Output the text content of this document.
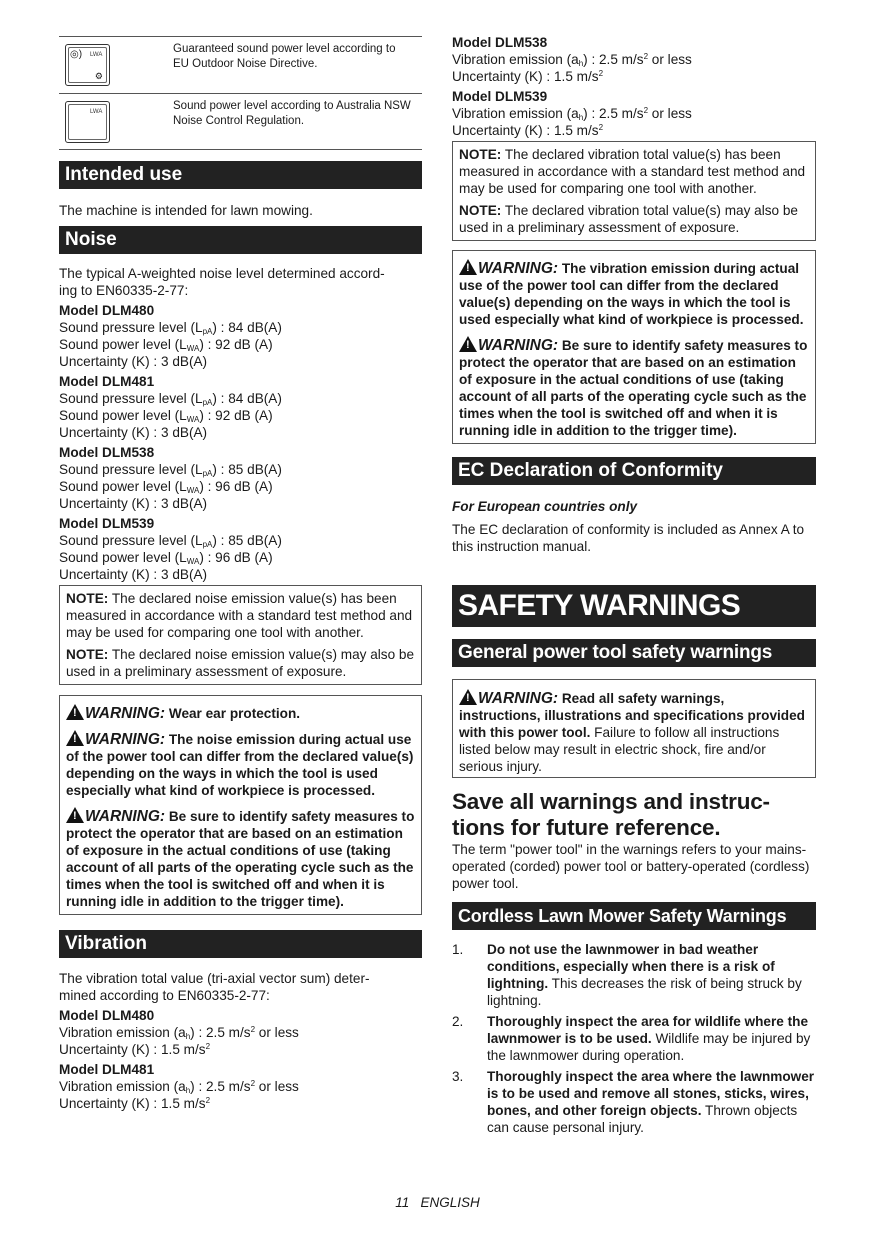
◎) LWA
⚙
Guaranteed sound power level according to EU Outdoor Noise Directive.
LWA	Sound power level according to Australia NSW Noise Control Regulation.
Intended use
The machine is intended for lawn mowing.
Noise
The typical A-weighted noise level determined accord-
ing to EN60335-2-77:
Model DLM480
Sound pressure level $(L_{pA})$ : 84 dB(A)
Sound power level $(L_{WA})$ : 92 dB (A)
Uncertainty (K) : 3 dB(A)
Model DLM481
Sound pressure level $(L_{pA})$ : 84 dB(A)
Sound power level $(L_{WA})$ : 92 dB (A)
Uncertainty (K) : 3 dB(A)
Model DLM538
Sound pressure level $(L_{pA})$ : 85 dB(A)
Sound power level $(L_{WA})$ : 96 dB (A)
Uncertainty (K) : 3 dB(A)
Model DLM539
Sound pressure level $(L_{pA})$ : 85 dB(A)
Sound power level $(L_{WA})$ : 96 dB (A)
Uncertainty (K) : 3 dB(A)
NOTE: The declared noise emission value(s) has been measured in accordance with a standard test method and may be used for comparing one tool with another.
NOTE: The declared noise emission value(s) may also be used in a preliminary assessment of exposure.
!WARNING: Wear ear protection.
!WARNING: The noise emission during actual use of the power tool can differ from the declared value(s) depending on the ways in which the tool is used especially what kind of workpiece is processed.
!WARNING: Be sure to identify safety measures to protect the operator that are based on an estimation of exposure in the actual conditions of use (taking account of all parts of the operating cycle such as the times when the tool is switched off and when it is running idle in addition to the trigger time).
Vibration
The vibration total value (tri-axial vector sum) deter-
mined according to EN60335-2-77:
Model DLM480
Vibration emission $(a_h)$ : 2.5 $m/s^2$ or less
Uncertainty (K) : 1.5 $m/s^2$
Model DLM481
Vibration emission $(a_h)$ : 2.5 $m/s^2$ or less
Uncertainty (K) : 1.5 $m/s^2$
Model DLM538
Vibration emission $(a_h)$ : 2.5 $m/s^2$ or less
Uncertainty (K) : 1.5 $m/s^2$
Model DLM539
Vibration emission $(a_h)$ : 2.5 $m/s^2$ or less
Uncertainty (K) : 1.5 $m/s^2$
NOTE: The declared vibration total value(s) has been measured in accordance with a standard test method and may be used for comparing one tool with another.
NOTE: The declared vibration total value(s) may also be used in a preliminary assessment of exposure.
!WARNING: The vibration emission during actual use of the power tool can differ from the declared value(s) depending on the ways in which the tool is used especially what kind of workpiece is processed.
!WARNING: Be sure to identify safety measures to protect the operator that are based on an estimation of exposure in the actual conditions of use (taking account of all parts of the operating cycle such as the times when the tool is switched off and when it is running idle in addition to the trigger time).
EC Declaration of Conformity
For European countries only
The EC declaration of conformity is included as Annex A to this instruction manual.
SAFETY WARNINGS
General power tool safety warnings
!WARNING: Read all safety warnings, instructions, illustrations and specifications provided with this power tool. Failure to follow all instructions listed below may result in electric shock, fire and/or serious injury.
Save all warnings and instruc-
tions for future reference.
The term "power tool" in the warnings refers to your mains-operated (corded) power tool or battery-operated (cordless) power tool.
Cordless Lawn Mower Safety Warnings
1. Do not use the lawnmower in bad weather conditions, especially when there is a risk of lightning. This decreases the risk of being struck by lightning.
2. Thoroughly inspect the area for wildlife where the lawnmower is to be used. Wildlife may be injured by the lawnmower during operation.
3. Thoroughly inspect the area where the lawnmower is to be used and remove all stones, sticks, wires, bones, and other foreign objects. Thrown objects can cause personal injury.
11 ENGLISH
